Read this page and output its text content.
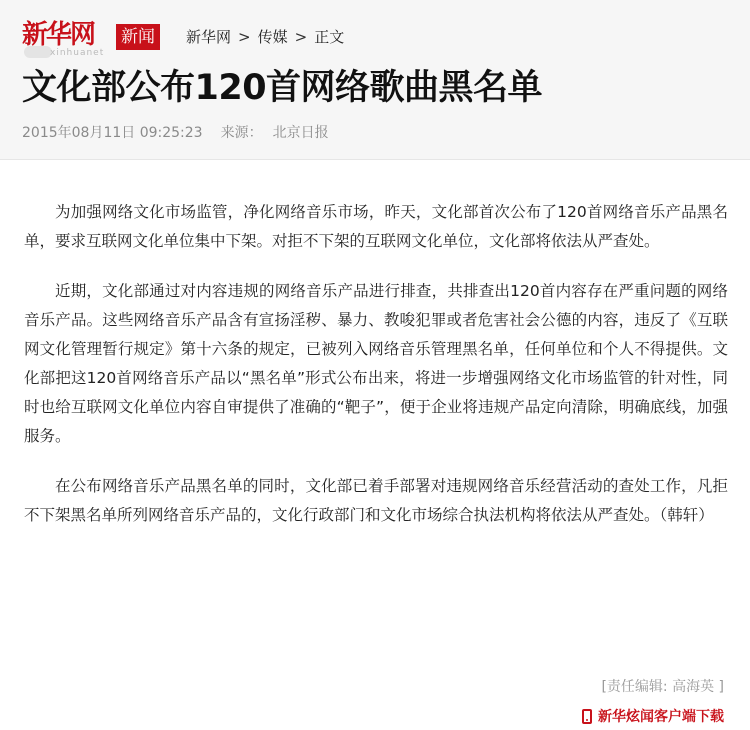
新华网
xinhuanet
新闻	新华网 > 传媒 > 正文
文化部公布120首网络歌曲黑名单
2015年08月11日 09:25:23 来源： 北京日报

为加强网络文化市场监管，净化网络音乐市场，昨天，文化部首次公布了120首网络音乐产品黑名单，要求互联网文化单位集中下架。对拒不下架的互联网文化单位，文化部将依法从严查处。

近期，文化部通过对内容违规的网络音乐产品进行排查，共排查出120首内容存在严重问题的网络音乐产品。这些网络音乐产品含有宣扬淫秽、暴力、教唆犯罪或者危害社会公德的内容，违反了《互联网文化管理暂行规定》第十六条的规定，已被列入网络音乐管理黑名单，任何单位和个人不得提供。文化部把这120首网络音乐产品以“黑名单”形式公布出来，将进一步增强网络文化市场监管的针对性，同时也给互联网文化单位内容自审提供了准确的“靶子”，便于企业将违规产品定向清除，明确底线，加强服务。

在公布网络音乐产品黑名单的同时，文化部已着手部署对违规网络音乐经营活动的查处工作，凡拒不下架黑名单所列网络音乐产品的，文化行政部门和文化市场综合执法机构将依法从严查处。（韩轩）

[责任编辑: 高海英 ]
新华炫闻客户端下载
